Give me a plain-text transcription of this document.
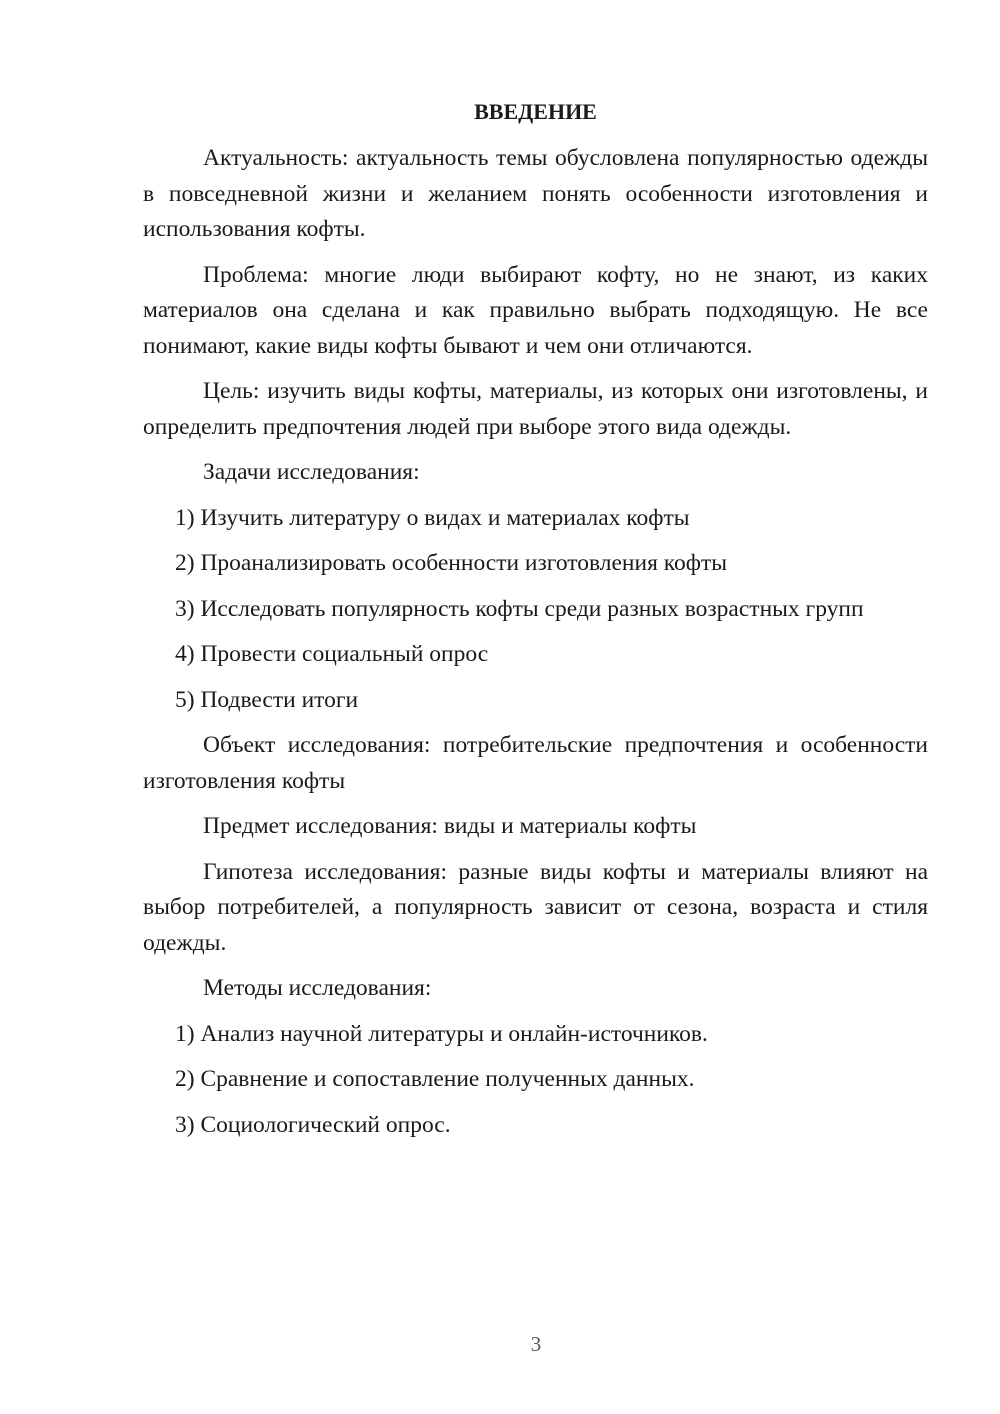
ВВЕДЕНИЕ

Актуальность: актуальность темы обусловлена популярностью одежды в повседневной жизни и желанием понять особенности изготовления и использования кофты.

Проблема: многие люди выбирают кофту, но не знают, из каких материалов она сделана и как правильно выбрать подходящую. Не все понимают, какие виды кофты бывают и чем они отличаются.

Цель: изучить виды кофты, материалы, из которых они изготовлены, и определить предпочтения людей при выборе этого вида одежды.

Задачи исследования:

1) Изучить литературу о видах и материалах кофты

2) Проанализировать особенности изготовления кофты

3) Исследовать популярность кофты среди разных возрастных групп

4) Провести социальный опрос

5) Подвести итоги

Объект исследования: потребительские предпочтения и особенности изготовления кофты

Предмет исследования: виды и материалы кофты

Гипотеза исследования: разные виды кофты и материалы влияют на выбор потребителей, а популярность зависит от сезона, возраста и стиля одежды.

Методы исследования:

1) Анализ научной литературы и онлайн-источников.

2) Сравнение и сопоставление полученных данных.

3) Социологический опрос.

3
